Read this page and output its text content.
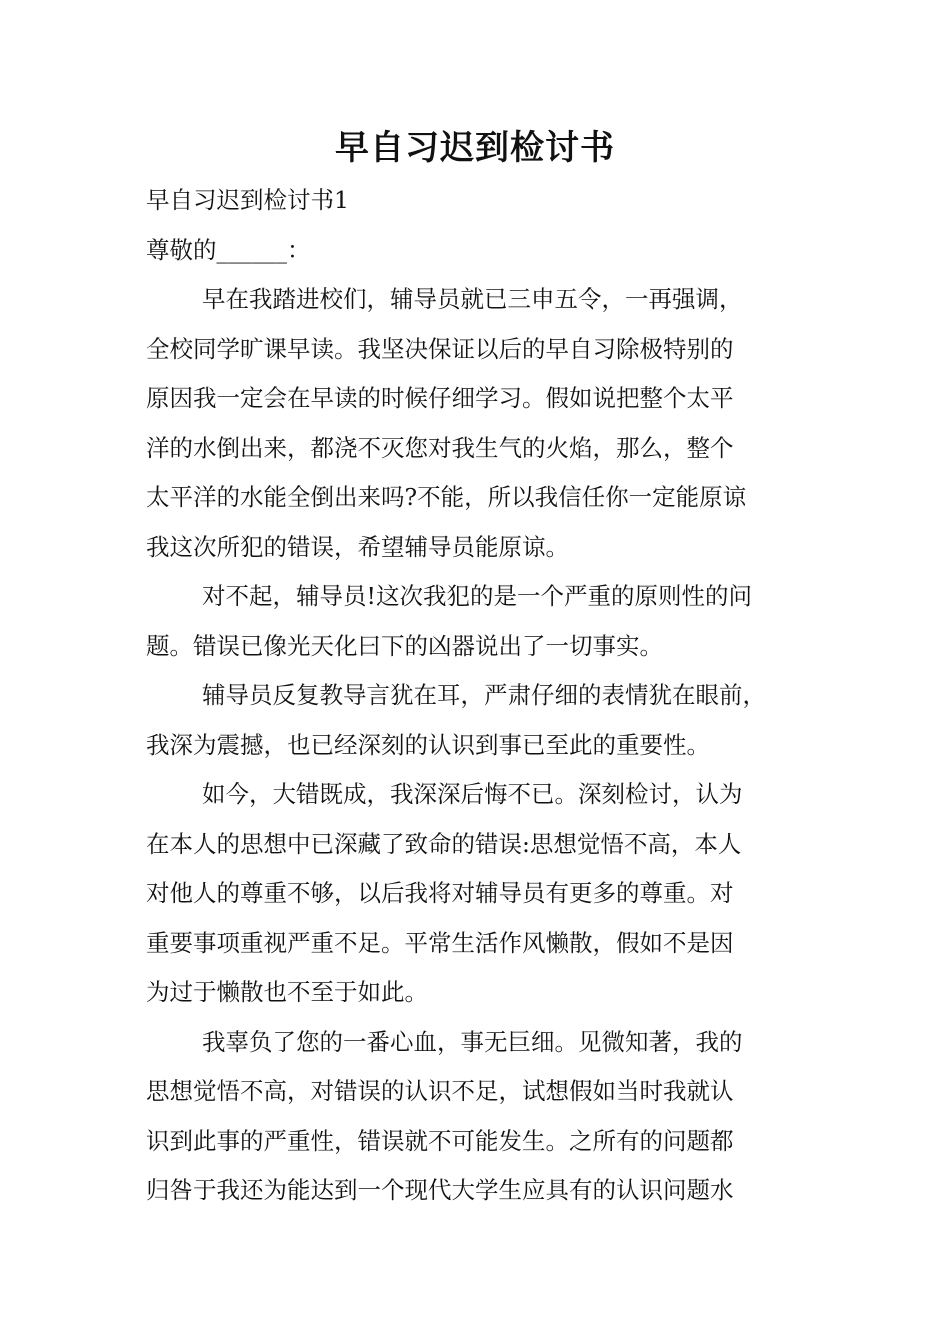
早自习迟到检讨书
早自习迟到检讨书1
尊敬的______：
早在我踏进校们，辅导员就已三申五令，一再强调，
全校同学旷课早读。我坚决保证以后的早自习除极特别的
原因我一定会在早读的时候仔细学习。假如说把整个太平
洋的水倒出来，都浇不灭您对我生气的火焰，那么，整个
太平洋的水能全倒出来吗?不能，所以我信任你一定能原谅
我这次所犯的错误，希望辅导员能原谅。
对不起，辅导员!这次我犯的是一个严重的原则性的问
题。错误已像光天化曰下的凶器说出了一切事实。
辅导员反复教导言犹在耳，严肃仔细的表情犹在眼前，
我深为震撼，也已经深刻的认识到事已至此的重要性。
如今，大错既成，我深深后悔不已。深刻检讨，认为
在本人的思想中已深藏了致命的错误:思想觉悟不高，本人
对他人的尊重不够，以后我将对辅导员有更多的尊重。对
重要事项重视严重不足。平常生活作风懒散，假如不是因
为过于懒散也不至于如此。
我辜负了您的一番心血，事无巨细。见微知著，我的
思想觉悟不高，对错误的认识不足，试想假如当时我就认
识到此事的严重性，错误就不可能发生。之所有的问题都
归咎于我还为能达到一个现代大学生应具有的认识问题水
